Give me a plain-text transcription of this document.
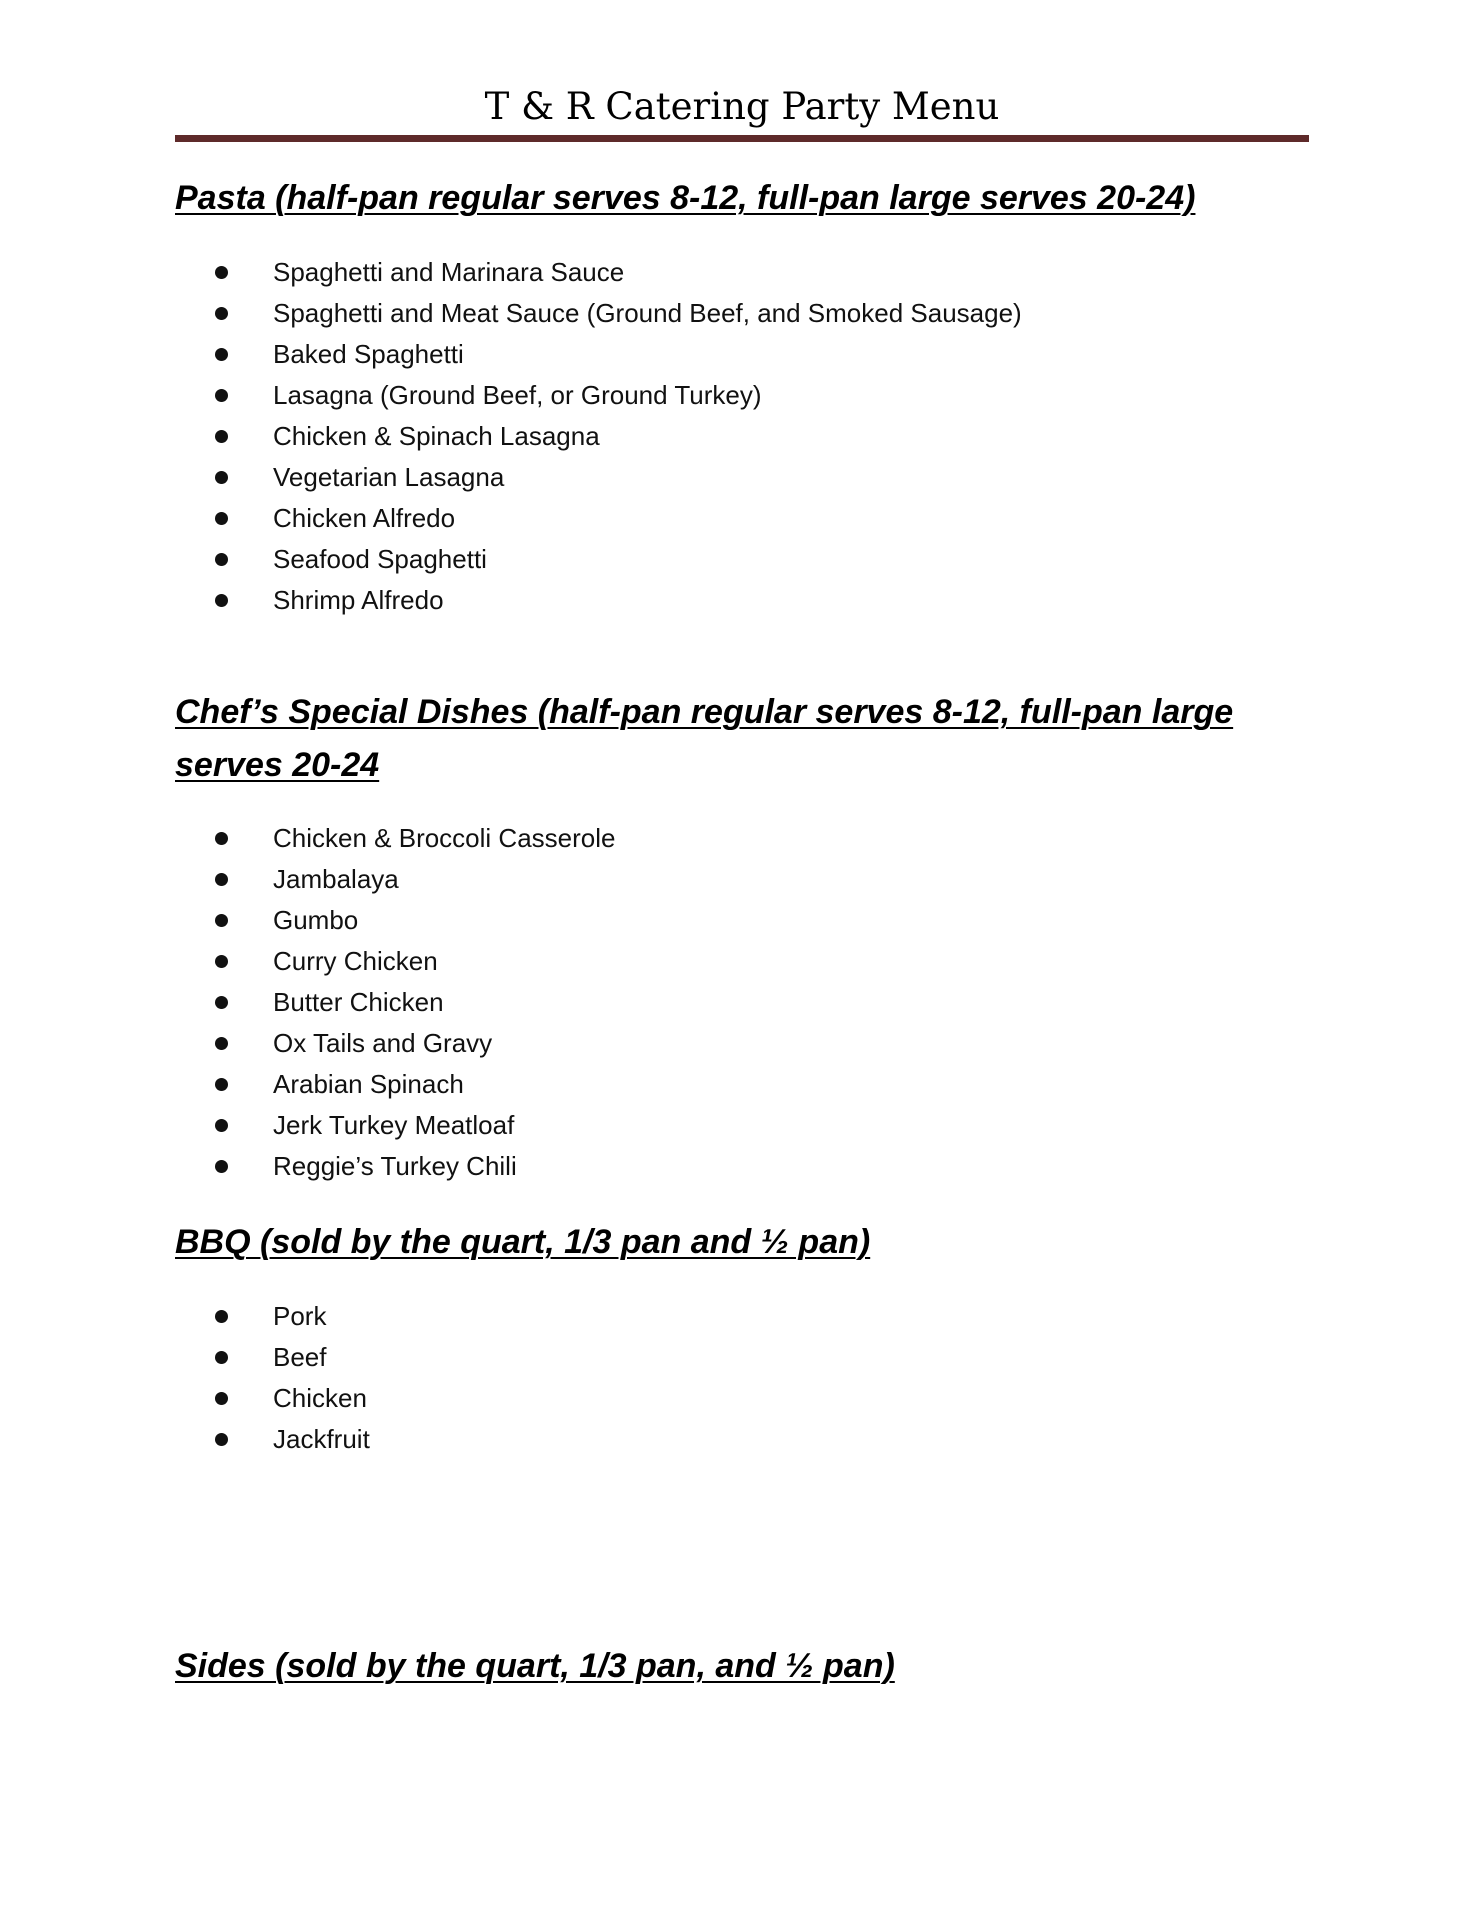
T & R Catering Party Menu
Pasta (half-pan regular serves 8-12, full-pan large serves 20-24)
Spaghetti and Marinara Sauce
Spaghetti and Meat Sauce (Ground Beef, and Smoked Sausage)
Baked Spaghetti
Lasagna (Ground Beef, or Ground Turkey)
Chicken & Spinach Lasagna
Vegetarian Lasagna
Chicken Alfredo
Seafood Spaghetti
Shrimp Alfredo
Chef’s Special Dishes (half-pan regular serves 8-12, full-pan large serves 20-24
Chicken & Broccoli Casserole
Jambalaya
Gumbo
Curry Chicken
Butter Chicken
Ox Tails and Gravy
Arabian Spinach
Jerk Turkey Meatloaf
Reggie’s Turkey Chili
BBQ (sold by the quart, 1/3 pan and ½ pan)
Pork
Beef
Chicken
Jackfruit
Sides (sold by the quart, 1/3 pan, and ½ pan)
